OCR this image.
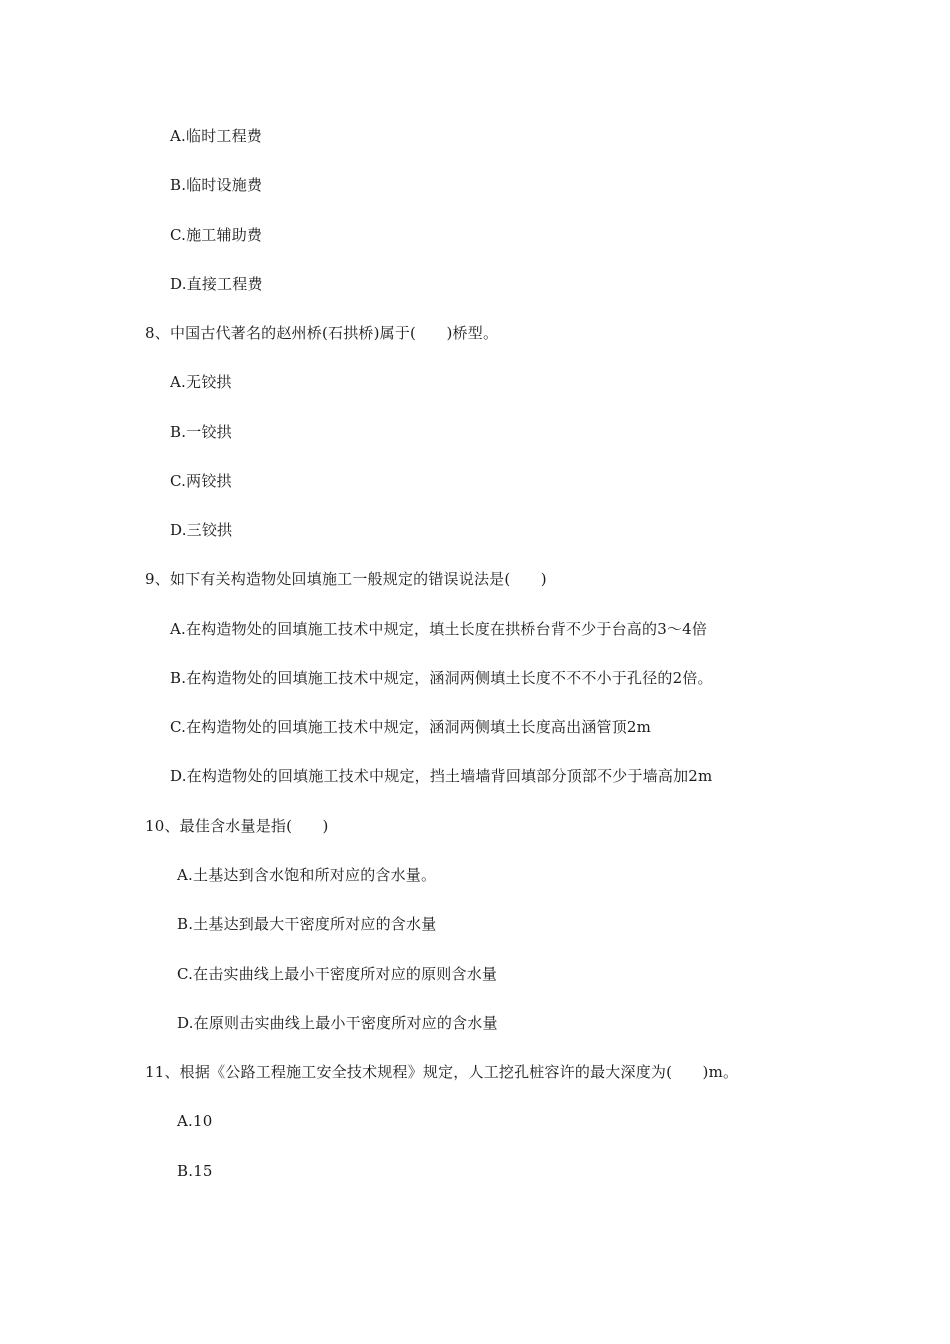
A.临时工程费
B.临时设施费
C.施工辅助费
D.直接工程费
8、中国古代著名的赵州桥(石拱桥)属于(　　)桥型。
A.无铰拱
B.一铰拱
C.两铰拱
D.三铰拱
9、如下有关构造物处回填施工一般规定的错误说法是(　　)
A.在构造物处的回填施工技术中规定，填土长度在拱桥台背不少于台高的3～4倍
B.在构造物处的回填施工技术中规定，涵洞两侧填土长度不不不小于孔径的2倍。
C.在构造物处的回填施工技术中规定，涵洞两侧填土长度高出涵管顶2m
D.在构造物处的回填施工技术中规定，挡土墙墙背回填部分顶部不少于墙高加2m
10、最佳含水量是指(　　)
A.土基达到含水饱和所对应的含水量。
B.土基达到最大干密度所对应的含水量
C.在击实曲线上最小干密度所对应的原则含水量
D.在原则击实曲线上最小干密度所对应的含水量
11、根据《公路工程施工安全技术规程》规定，人工挖孔桩容许的最大深度为(　　)m。
A.10
B.15
